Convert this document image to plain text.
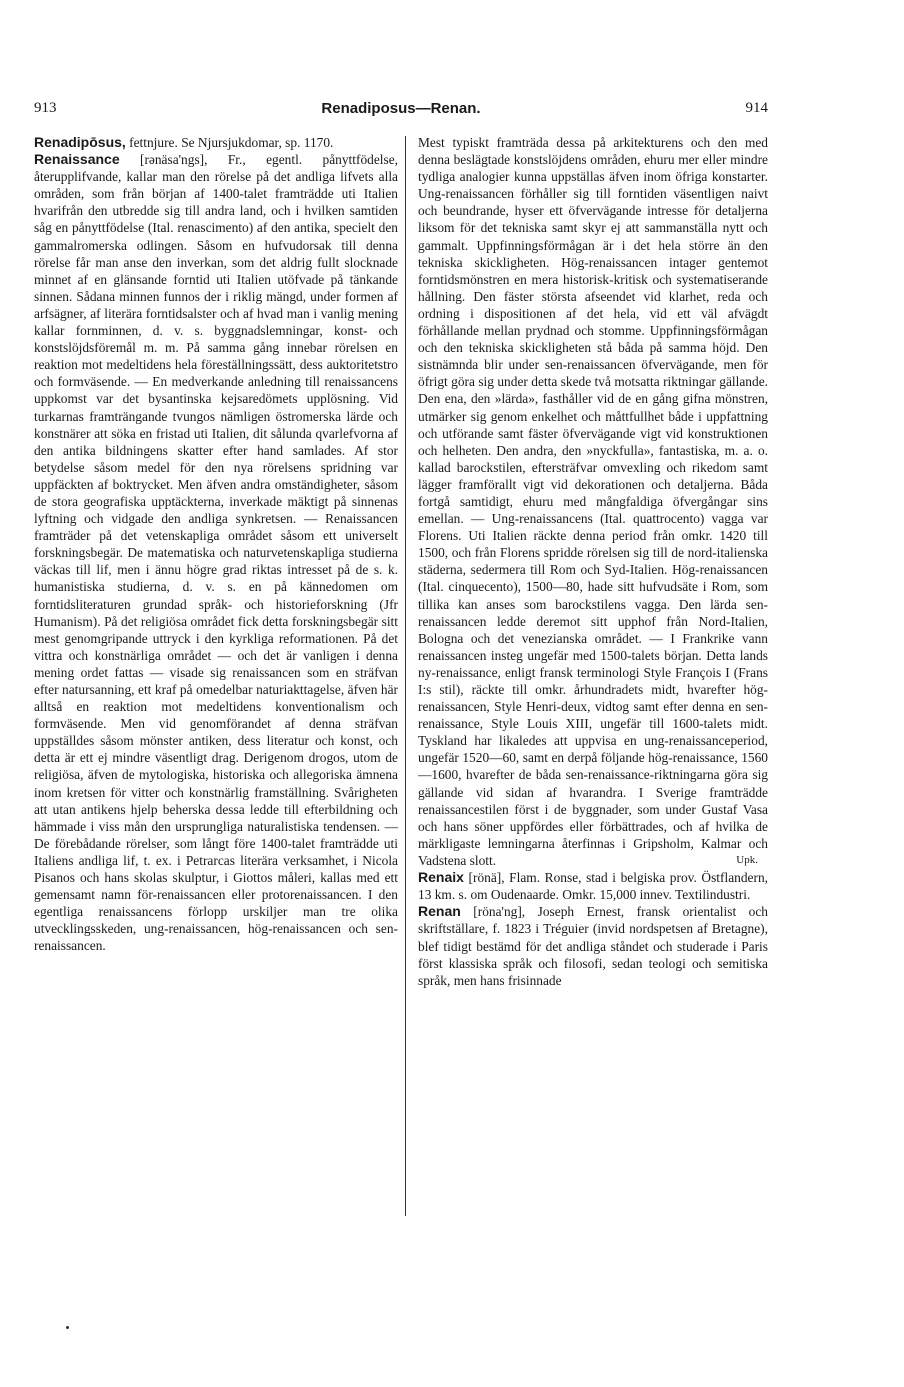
913	Renadiposus—Renan.	914

Renadipōsus, fettnjure. Se Njursjukdomar, sp. 1170.

Renaissance [rənäsa'ngs], Fr., egentl. pånyttfödelse, återupplifvande, kallar man den rörelse på det andliga lifvets alla områden, som från början af 1400-talet framträdde uti Italien hvarifrån den utbredde sig till andra land, och i hvilken samtiden såg en pånyttfödelse (Ital. renascimento) af den antika, specielt den gammalromerska odlingen. Såsom en hufvudorsak till denna rörelse får man anse den inverkan, som det aldrig fullt slocknade minnet af en glänsande forntid uti Italien utöfvade på tänkande sinnen. Sådana minnen funnos der i riklig mängd, under formen af arfsägner, af literära forntidsalster och af hvad man i vanlig mening kallar fornminnen, d. v. s. byggnadslemningar, konst- och konstslöjdsföremål m. m. På samma gång innebar rörelsen en reaktion mot medeltidens hela föreställningssätt, dess auktoritetstro och formväsende. — En medverkande anledning till renaissancens uppkomst var det bysantinska kejsaredömets upplösning. Vid turkarnas framträngande tvungos nämligen östromerska lärde och konstnärer att söka en fristad uti Italien, dit sålunda qvarlefvorna af den antika bildningens skatter efter hand samlades. Af stor betydelse såsom medel för den nya rörelsens spridning var uppfäckten af boktrycket. Men äfven andra omständigheter, såsom de stora geografiska upptäckterna, inverkade mäktigt på sinnenas lyftning och vidgade den andliga synkretsen. — Renaissancen framträder på det vetenskapliga området såsom ett universelt forskningsbegär. De matematiska och naturvetenskapliga studierna väckas till lif, men i ännu högre grad riktas intresset på de s. k. humanistiska studierna, d. v. s. en på kännedomen om forntidsliteraturen grundad språk- och historieforskning (Jfr Humanism). På det religiösa området fick detta forskningsbegär sitt mest genomgripande uttryck i den kyrkliga reformationen. På det vittra och konstnärliga området — och det är vanligen i denna mening ordet fattas — visade sig renaissancen som en sträfvan efter natursanning, ett kraf på omedelbar naturiakttagelse, äfven här alltså en reaktion mot medeltidens konventionalism och formväsende. Men vid genomförandet af denna sträfvan uppställdes såsom mönster antiken, dess literatur och konst, och detta är ett ej mindre väsentligt drag. Derigenom drogos, utom de religiösa, äfven de mytologiska, historiska och allegoriska ämnena inom kretsen för vitter och konstnärlig framställning. Svårigheten att utan antikens hjelp beherska dessa ledde till efterbildning och hämmade i viss mån den ursprungliga naturalistiska tendensen. — De förebådande rörelser, som långt före 1400-talet framträdde uti Italiens andliga lif, t. ex. i Petrarcas literära verksamhet, i Nicola Pisanos och hans skolas skulptur, i Giottos måleri, kallas med ett gemensamt namn för-renaissancen eller protorenaissancen. I den egentliga renaissancens förlopp urskiljer man tre olika utvecklingsskeden, ung-renaissancen, hög-renaissancen och sen-renaissancen.

Mest typiskt framträda dessa på arkitekturens och den med denna beslägtade konstslöjdens områden, ehuru mer eller mindre tydliga analogier kunna uppställas äfven inom öfriga konstarter. Ung-renaissancen förhåller sig till forntiden väsentligen naivt och beundrande, hyser ett öfvervägande intresse för detaljerna liksom för det tekniska samt skyr ej att sammanställa nytt och gammalt. Uppfinningsförmågan är i det hela större än den tekniska skickligheten. Hög-renaissancen intager gentemot forntidsmönstren en mera historisk-kritisk och systematiserande hållning. Den fäster största afseendet vid klarhet, reda och ordning i dispositionen af det hela, vid ett väl afvägdt förhållande mellan prydnad och stomme. Uppfinningsförmågan och den tekniska skickligheten stå båda på samma höjd. Den sistnämnda blir under sen-renaissancen öfvervägande, men för öfrigt göra sig under detta skede två motsatta riktningar gällande. Den ena, den »lärda», fasthåller vid de en gång gifna mönstren, utmärker sig genom enkelhet och måttfullhet både i uppfattning och utförande samt fäster öfvervägande vigt vid konstruktionen och helheten. Den andra, den »nyckfulla», fantastiska, m. a. o. kallad barockstilen, eftersträfvar omvexling och rikedom samt lägger framförallt vigt vid dekorationen och detaljerna. Båda fortgå samtidigt, ehuru med mångfaldiga öfvergångar sins emellan. — Ung-renaissancens (Ital. quattrocento) vagga var Florens. Uti Italien räckte denna period från omkr. 1420 till 1500, och från Florens spridde rörelsen sig till de nord-italienska städerna, sedermera till Rom och Syd-Italien. Hög-renaissancen (Ital. cinquecento), 1500—80, hade sitt hufvudsäte i Rom, som tillika kan anses som barockstilens vagga. Den lärda sen-renaissancen ledde deremot sitt upphof från Nord-Italien, Bologna och det venezianska området. — I Frankrike vann renaissancen insteg ungefär med 1500-talets början. Detta lands ny-renaissance, enligt fransk terminologi Style François I (Frans I:s stil), räckte till omkr. århundradets midt, hvarefter hög-renaissancen, Style Henri-deux, vidtog samt efter denna en sen-renaissance, Style Louis XIII, ungefär till 1600-talets midt. Tyskland har likaledes att uppvisa en ung-renaissanceperiod, ungefär 1520—60, samt en derpå följande hög-renaissance, 1560—1600, hvarefter de båda sen-renaissance-riktningarna göra sig gällande vid sidan af hvarandra. I Sverige framträdde renaissancestilen först i de byggnader, som under Gustaf Vasa och hans söner uppfördes eller förbättrades, och af hvilka de märkligaste lemningarna återfinnas i Gripsholm, Kalmar och Vadstena slott.	Upk.

Renaix [rönä], Flam. Ronse, stad i belgiska prov. Östflandern, 13 km. s. om Oudenaarde. Omkr. 15,000 innev. Textilindustri.

Renan [röna'ng], Joseph Ernest, fransk orientalist och skriftställare, f. 1823 i Tréguier (invid nordspetsen af Bretagne), blef tidigt bestämd för det andliga ståndet och studerade i Paris först klassiska språk och filosofi, sedan teologi och semitiska språk, men hans frisinnade
